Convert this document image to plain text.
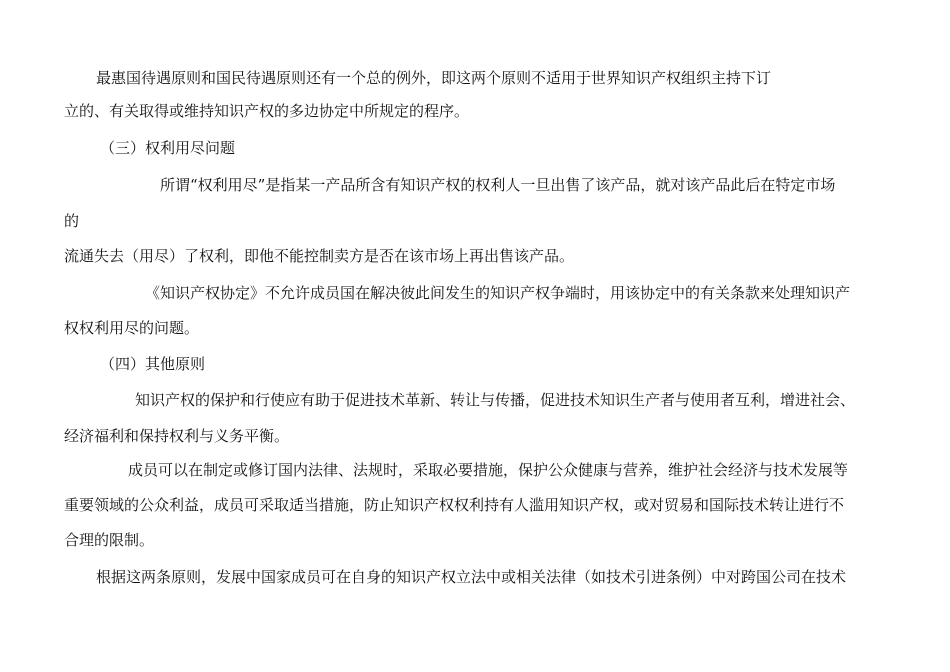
最惠国待遇原则和国民待遇原则还有一个总的例外，即这两个原则不适用于世界知识产权组织主持下订
立的、有关取得或维持知识产权的多边协定中所规定的程序。
（三）权利用尽问题
所谓“权利用尽”是指某一产品所含有知识产权的权利人一旦出售了该产品，就对该产品此后在特定市场
的
流通失去（用尽）了权利，即他不能控制卖方是否在该市场上再出售该产品。
《知识产权协定》不允许成员国在解决彼此间发生的知识产权争端时，用该协定中的有关条款来处理知识产
权权利用尽的问题。
（四）其他原则
知识产权的保护和行使应有助于促进技术革新、转让与传播，促进技术知识生产者与使用者互利，增进社会、
经济福利和保持权利与义务平衡。
成员可以在制定或修订国内法律、法规时，采取必要措施，保护公众健康与营养，维护社会经济与技术发展等
重要领域的公众利益，成员可采取适当措施，防止知识产权权利持有人滥用知识产权，或对贸易和国际技术转让进行不
合理的限制。
根据这两条原则，发展中国家成员可在自身的知识产权立法中或相关法律（如技术引进条例）中对跨国公司在技术
